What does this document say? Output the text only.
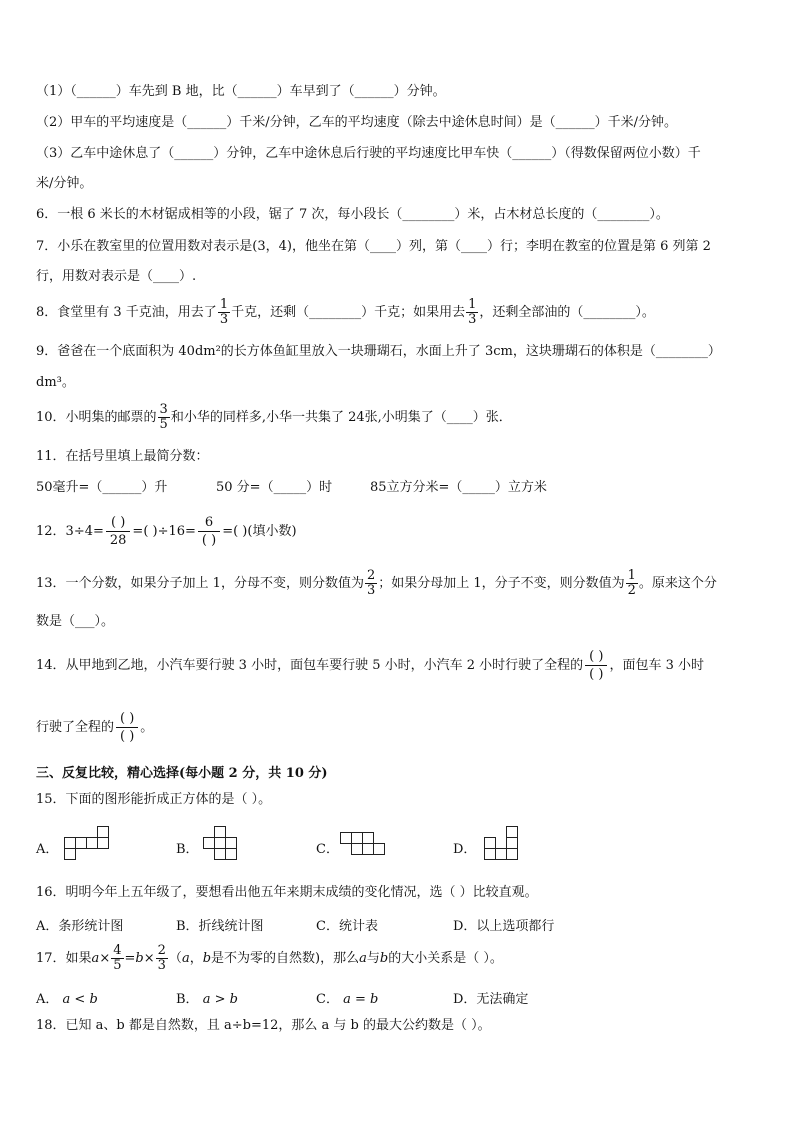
（1）（______）车先到 B 地，比（______）车早到了（______）分钟。
（2）甲车的平均速度是（______）千米/分钟，乙车的平均速度（除去中途休息时间）是（______）千米/分钟。
（3）乙车中途休息了（______）分钟，乙车中途休息后行驶的平均速度比甲车快（______）（得数保留两位小数）千
米/分钟。
6．一根 6 米长的木材锯成相等的小段，锯了 7 次，每小段长（________）米，占木材总长度的（________）。
7．小乐在教室里的位置用数对表示是(3，4)，他坐在第（____）列，第（____）行；李明在教室的位置是第 6 列第 2
行，用数对表示是（____）.
8．食堂里有 3 千克油，用去了 $\frac{1}{3}$ 千克，还剩（________）千克；如果用去 $\frac{1}{3}$ ，还剩全部油的（________）。
9．爸爸在一个底面积为 40dm²的长方体鱼缸里放入一块珊瑚石，水面上升了 3cm，这块珊瑚石的体积是（________）
dm³。
10．小明集的邮票的 $\frac{3}{5}$ 和小华的同样多,小华一共集了 24张,小明集了（____）张．
11．在括号里填上最简分数：
50毫升=（______）升	50 分=（_____）时	85立方分米=（_____）立方米
12．$3\div 4= \frac{( )}{28}$ =( )$\div 16= \frac{6}{( )}$ =( )(填小数)
13．一个分数，如果分子加上 1，分母不变，则分数值为 $\frac{2}{3}$ ；如果分母加上 1，分子不变，则分数值为 $\frac{1}{2}$ 。原来这个分
数是（___）。
14．从甲地到乙地，小汽车要行驶 3 小时，面包车要行驶 5 小时，小汽车 2 小时行驶了全程的 $\frac{( )}{( )}$ ，面包车 3 小时
行驶了全程的 $\frac{( )}{( )}$ 。
三、反复比较，精心选择(每小题 2 分，共 10 分)
15．下面的图形能折成正方体的是（ ）。
A．	B．	C．	D．
16．明明今年上五年级了，要想看出他五年来期末成绩的变化情况，选（ ）比较直观。
A．条形统计图	B．折线统计图	C．统计表	D．以上选项都行
17．如果$a\times \frac{4}{5} =b\times \frac{2}{3} (a$，b是不为零的自然数)，那么a与b的大小关系是（ ）。
A． a < b	B． a > b	C． a = b	D．无法确定
18．已知 a、b 都是自然数，且 a÷b=12，那么 a 与 b 的最大公约数是（ ）。
